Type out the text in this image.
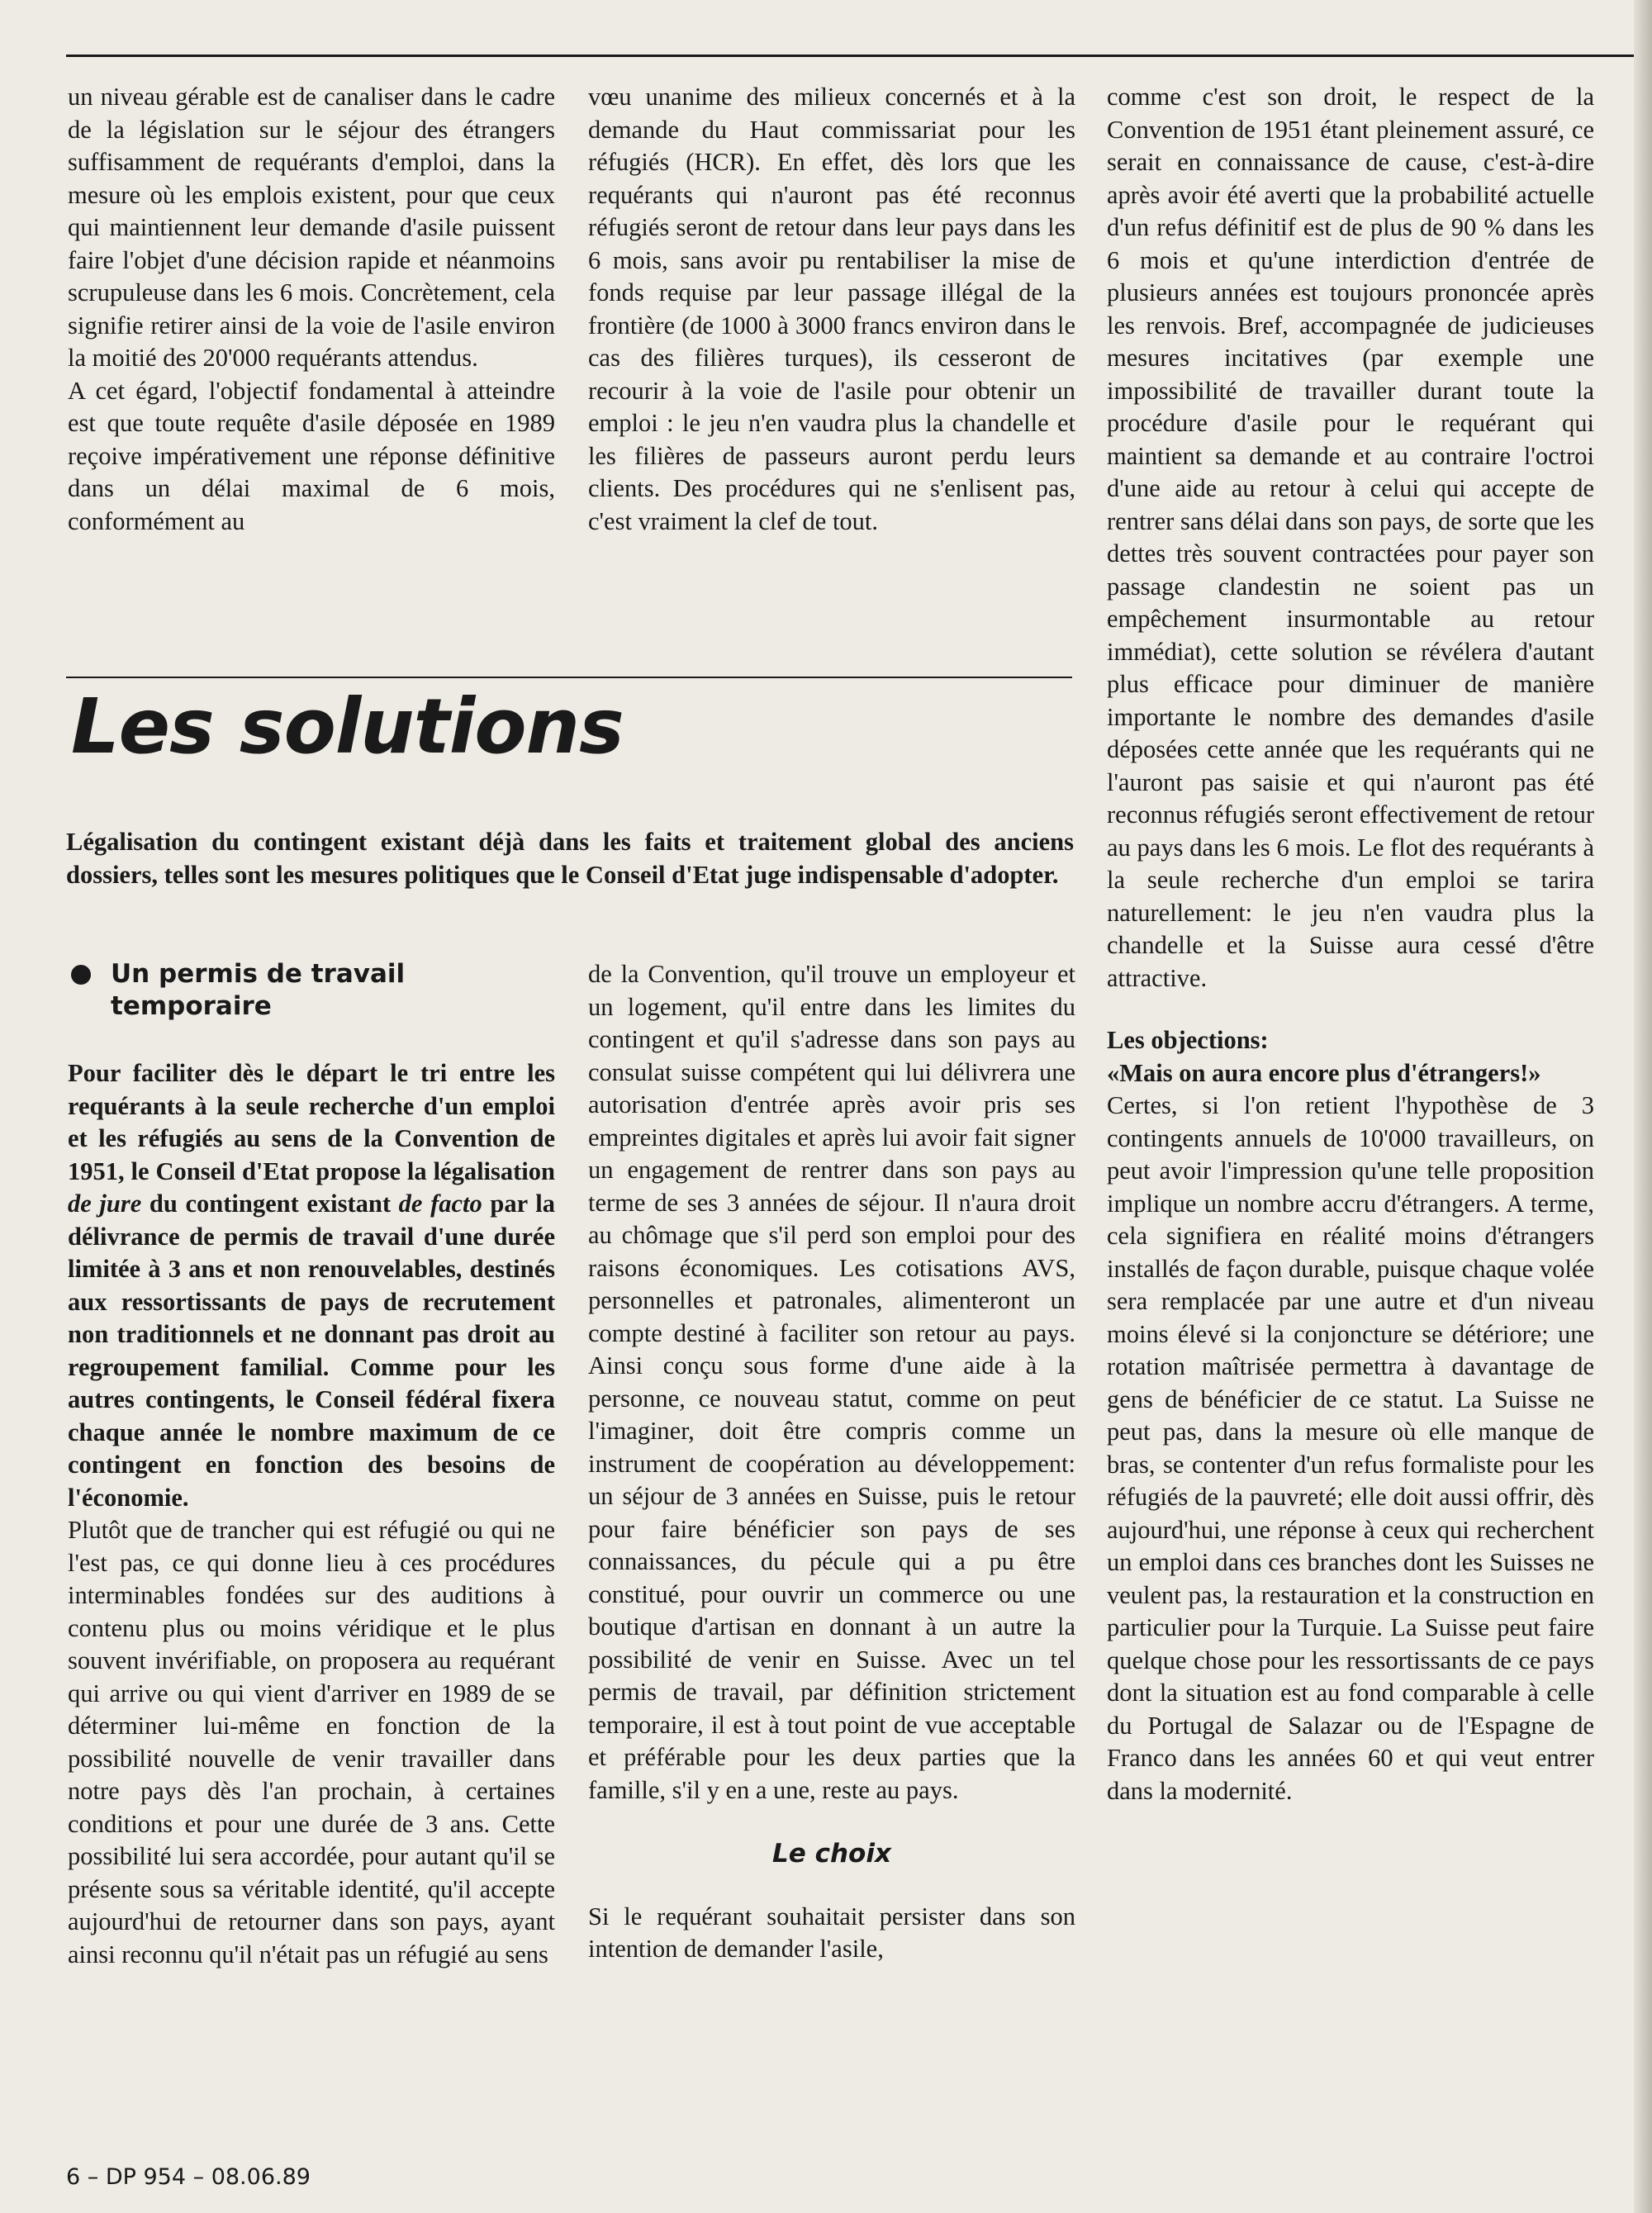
un niveau gérable est de canaliser dans le cadre de la législation sur le séjour des étrangers suffisamment de requérants d'emploi, dans la mesure où les emplois existent, pour que ceux qui maintiennent leur demande d'asile puissent faire l'objet d'une décision rapide et néanmoins scrupuleuse dans les 6 mois. Concrètement, cela signifie retirer ainsi de la voie de l'asile environ la moitié des 20'000 requérants attendus.

A cet égard, l'objectif fondamental à atteindre est que toute requête d'asile déposée en 1989 reçoive impérativement une réponse définitive dans un délai maximal de 6 mois, conformément au

vœu unanime des milieux concernés et à la demande du Haut commissariat pour les réfugiés (HCR). En effet, dès lors que les requérants qui n'auront pas été reconnus réfugiés seront de retour dans leur pays dans les 6 mois, sans avoir pu rentabiliser la mise de fonds requise par leur passage illégal de la frontière (de 1000 à 3000 francs environ dans le cas des filières turques), ils cesseront de recourir à la voie de l'asile pour obtenir un emploi : le jeu n'en vaudra plus la chandelle et les filières de passeurs auront perdu leurs clients. Des procédures qui ne s'enlisent pas, c'est vraiment la clef de tout.

Les solutions

Légalisation du contingent existant déjà dans les faits et traitement global des anciens dossiers, telles sont les mesures politiques que le Conseil d'Etat juge indispensable d'adopter.

Un permis de travail temporaire

Pour faciliter dès le départ le tri entre les requérants à la seule recherche d'un emploi et les réfugiés au sens de la Convention de 1951, le Conseil d'Etat propose la légalisation de jure du contingent existant de facto par la délivrance de permis de travail d'une durée limitée à 3 ans et non renouvelables, destinés aux ressortissants de pays de recrutement non traditionnels et ne donnant pas droit au regroupement familial. Comme pour les autres contingents, le Conseil fédéral fixera chaque année le nombre maximum de ce contingent en fonction des besoins de l'économie.

Plutôt que de trancher qui est réfugié ou qui ne l'est pas, ce qui donne lieu à ces procédures interminables fondées sur des auditions à contenu plus ou moins véridique et le plus souvent invérifiable, on proposera au requérant qui arrive ou qui vient d'arriver en 1989 de se déterminer lui-même en fonction de la possibilité nouvelle de venir travailler dans notre pays dès l'an prochain, à certaines conditions et pour une durée de 3 ans. Cette possibilité lui sera accordée, pour autant qu'il se présente sous sa véritable identité, qu'il accepte aujourd'hui de retourner dans son pays, ayant ainsi reconnu qu'il n'était pas un réfugié au sens

de la Convention, qu'il trouve un employeur et un logement, qu'il entre dans les limites du contingent et qu'il s'adresse dans son pays au consulat suisse compétent qui lui délivrera une autorisation d'entrée après avoir pris ses empreintes digitales et après lui avoir fait signer un engagement de rentrer dans son pays au terme de ses 3 années de séjour. Il n'aura droit au chômage que s'il perd son emploi pour des raisons économiques. Les cotisations AVS, personnelles et patronales, alimenteront un compte destiné à faciliter son retour au pays. Ainsi conçu sous forme d'une aide à la personne, ce nouveau statut, comme on peut l'imaginer, doit être compris comme un instrument de coopération au développement: un séjour de 3 années en Suisse, puis le retour pour faire bénéficier son pays de ses connaissances, du pécule qui a pu être constitué, pour ouvrir un commerce ou une boutique d'artisan en donnant à un autre la possibilité de venir en Suisse. Avec un tel permis de travail, par définition strictement temporaire, il est à tout point de vue acceptable et préférable pour les deux parties que la famille, s'il y en a une, reste au pays.

Le choix

Si le requérant souhaitait persister dans son intention de demander l'asile,

comme c'est son droit, le respect de la Convention de 1951 étant pleinement assuré, ce serait en connaissance de cause, c'est-à-dire après avoir été averti que la probabilité actuelle d'un refus définitif est de plus de 90 % dans les 6 mois et qu'une interdiction d'entrée de plusieurs années est toujours prononcée après les renvois. Bref, accompagnée de judicieuses mesures incitatives (par exemple une impossibilité de travailler durant toute la procédure d'asile pour le requérant qui maintient sa demande et au contraire l'octroi d'une aide au retour à celui qui accepte de rentrer sans délai dans son pays, de sorte que les dettes très souvent contractées pour payer son passage clandestin ne soient pas un empêchement insurmontable au retour immédiat), cette solution se révélera d'autant plus efficace pour diminuer de manière importante le nombre des demandes d'asile déposées cette année que les requérants qui ne l'auront pas saisie et qui n'auront pas été reconnus réfugiés seront effectivement de retour au pays dans les 6 mois. Le flot des requérants à la seule recherche d'un emploi se tarira naturellement: le jeu n'en vaudra plus la chandelle et la Suisse aura cessé d'être attractive.

Les objections:

«Mais on aura encore plus d'étrangers!»

Certes, si l'on retient l'hypothèse de 3 contingents annuels de 10'000 travailleurs, on peut avoir l'impression qu'une telle proposition implique un nombre accru d'étrangers. A terme, cela signifiera en réalité moins d'étrangers installés de façon durable, puisque chaque volée sera remplacée par une autre et d'un niveau moins élevé si la conjoncture se détériore; une rotation maîtrisée permettra à davantage de gens de bénéficier de ce statut. La Suisse ne peut pas, dans la mesure où elle manque de bras, se contenter d'un refus formaliste pour les réfugiés de la pauvreté; elle doit aussi offrir, dès aujourd'hui, une réponse à ceux qui recherchent un emploi dans ces branches dont les Suisses ne veulent pas, la restauration et la construction en particulier pour la Turquie. La Suisse peut faire quelque chose pour les ressortissants de ce pays dont la situation est au fond comparable à celle du Portugal de Salazar ou de l'Espagne de Franco dans les années 60 et qui veut entrer dans la modernité.

6 – DP 954 – 08.06.89
